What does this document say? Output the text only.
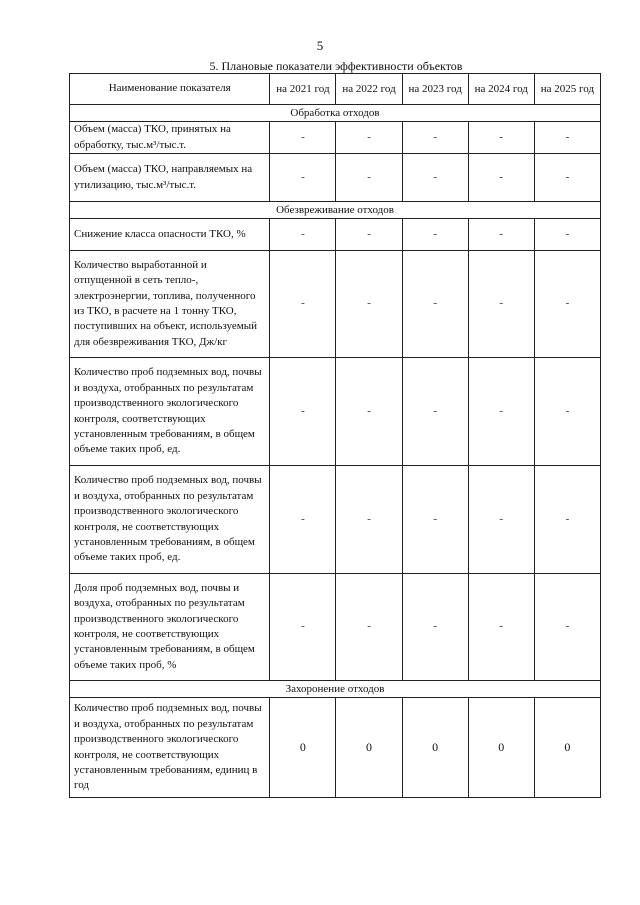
5
5. Плановые показатели эффективности объектов
Наименование показателя	на 2021 год	на 2022 год	на 2023 год	на 2024 год	на 2025 год
Обработка отходов					
Объем (масса) ТКО, принятых на обработку, тыс.м³/тыс.т.	-	-	-	-	-
Объем (масса) ТКО, направляемых на утилизацию, тыс.м³/тыс.т.	-	-	-	-	-
Обезвреживание отходов					
Снижение класса опасности ТКО, %	-	-	-	-	-
Количество выработанной и отпущенной в сеть тепло-, электроэнергии, топлива, полученного из ТКО, в расчете на 1 тонну ТКО, поступивших на объект, используемый для обезвреживания ТКО, Дж/кг	-	-	-	-	-
Количество проб подземных вод, почвы и воздуха, отобранных по результатам производственного экологического контроля, соответствующих установленным требованиям, в общем объеме таких проб, ед.	-	-	-	-	-
Количество проб подземных вод, почвы и воздуха, отобранных по результатам производственного экологического контроля, не соответствующих установленным требованиям, в общем объеме таких проб, ед.	-	-	-	-	-
Доля проб подземных вод, почвы и воздуха, отобранных по результатам производственного экологического контроля, не соответствующих установленным требованиям, в общем объеме таких проб, %	-	-	-	-	-
Захоронение отходов					
Количество проб подземных вод, почвы и воздуха, отобранных по результатам производственного экологического контроля, не соответствующих установленным требованиям, единиц в год	0	0	0	0	0
